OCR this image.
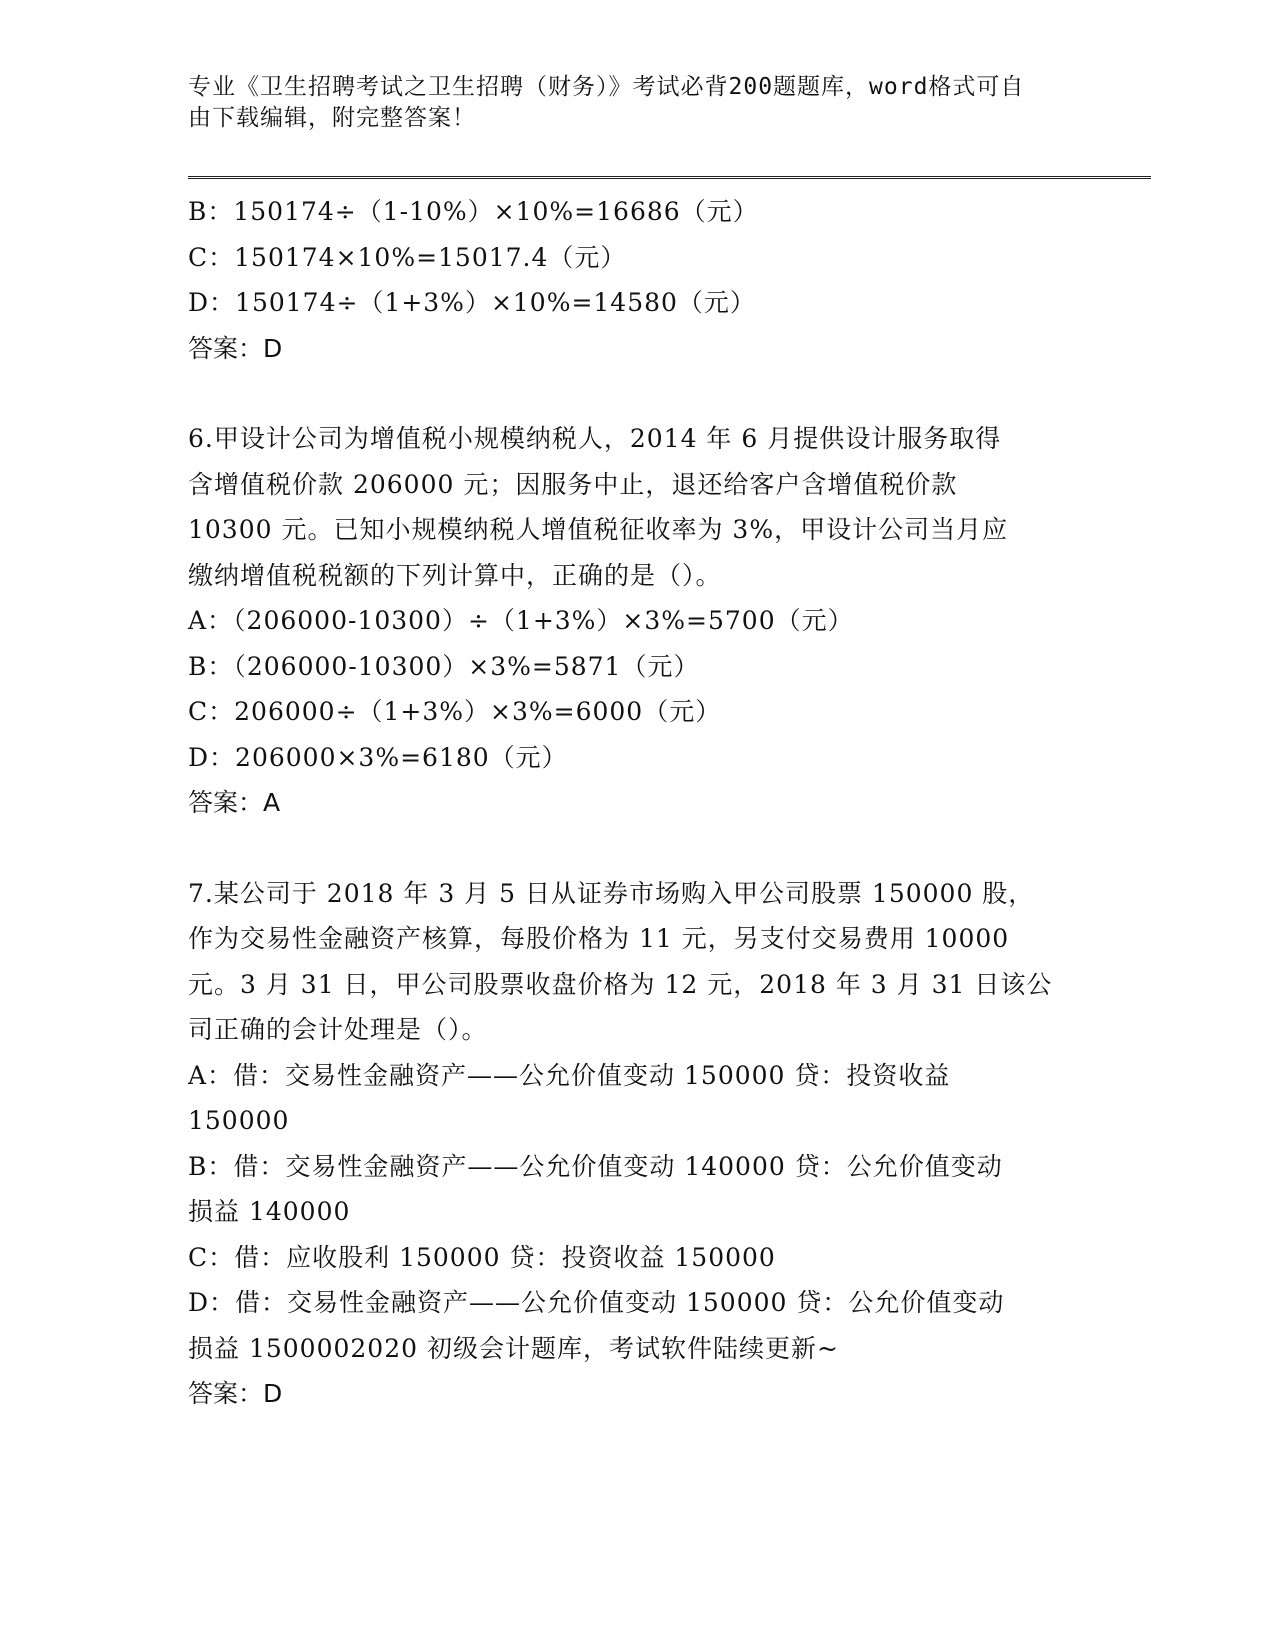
专业《卫生招聘考试之卫生招聘（财务）》考试必背200题题库，word格式可自
由下载编辑，附完整答案！
B：150174÷（1-10%）×10%=16686（元）
C：150174×10%=15017.4（元）
D：150174÷（1+3%）×10%=14580（元）
答案：D
6.甲设计公司为增值税小规模纳税人，2014 年 6 月提供设计服务取得
含增值税价款 206000 元；因服务中止，退还给客户含增值税价款
10300 元。已知小规模纳税人增值税征收率为 3%，甲设计公司当月应
缴纳增值税税额的下列计算中，正确的是（）。
A：（206000-10300）÷（1+3%）×3%=5700（元）
B：（206000-10300）×3%=5871（元）
C：206000÷（1+3%）×3%=6000（元）
D：206000×3%=6180（元）
答案：A
7.某公司于 2018 年 3 月 5 日从证券市场购入甲公司股票 150000 股，
作为交易性金融资产核算，每股价格为 11 元，另支付交易费用 10000
元。3 月 31 日，甲公司股票收盘价格为 12 元，2018 年 3 月 31 日该公
司正确的会计处理是（）。
A：借：交易性金融资产——公允价值变动 150000 贷：投资收益
150000
B：借：交易性金融资产——公允价值变动 140000 贷：公允价值变动
损益 140000
C：借：应收股利 150000 贷：投资收益 150000
D：借：交易性金融资产——公允价值变动 150000 贷：公允价值变动
损益 1500002020 初级会计题库，考试软件陆续更新~
答案：D
